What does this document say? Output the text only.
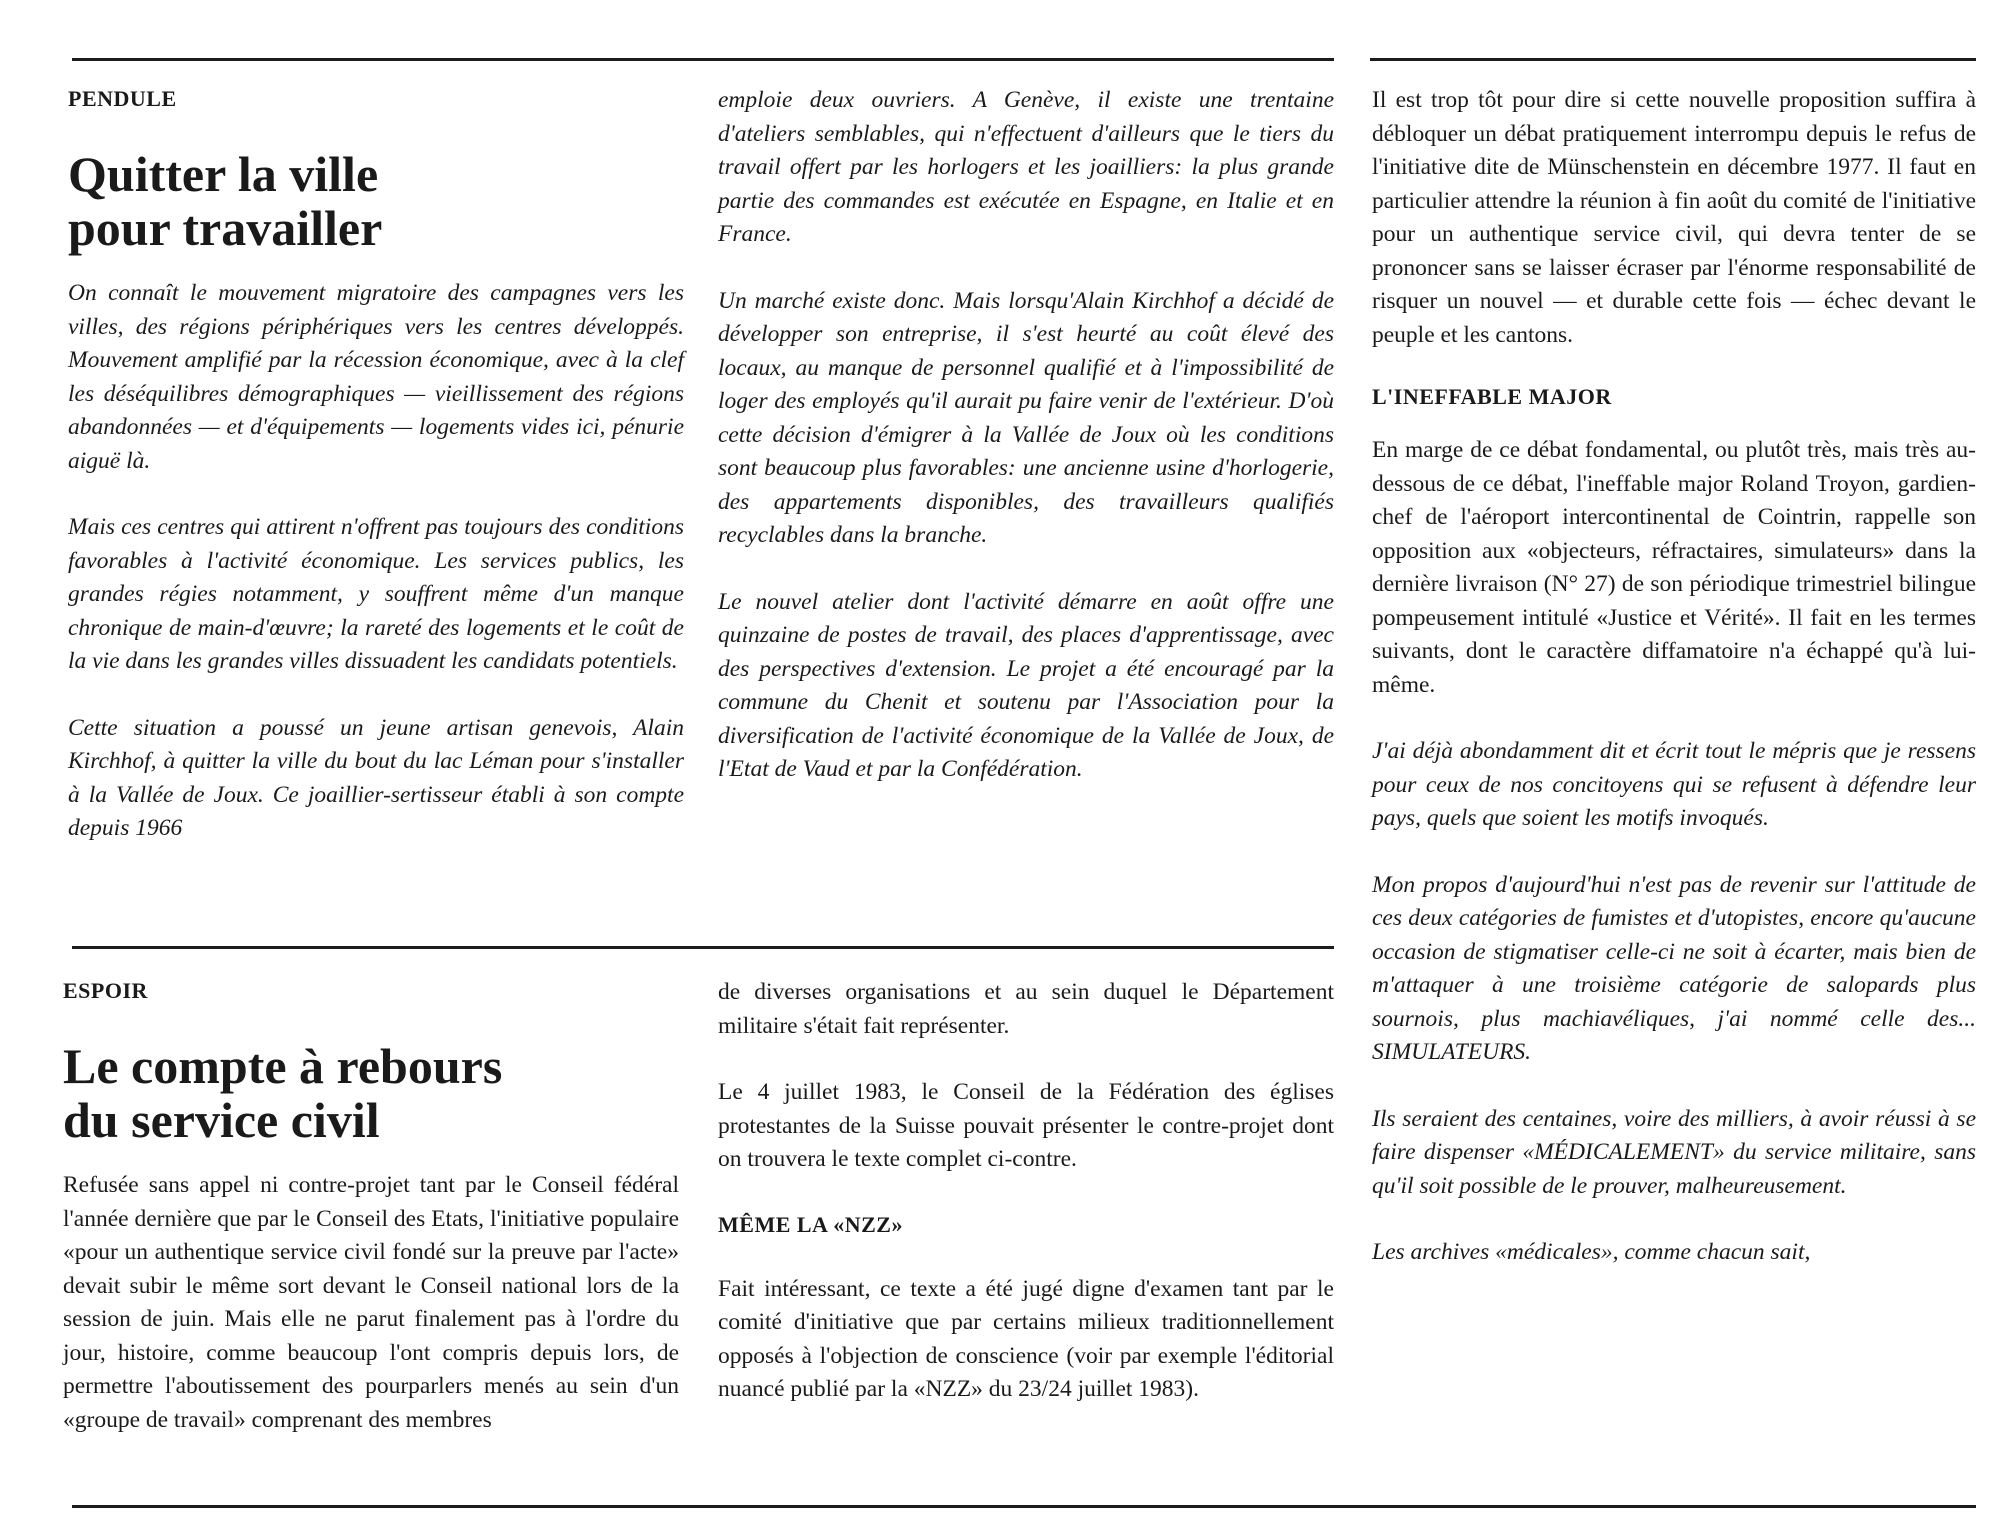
PENDULE

Quitter la ville
pour travailler

On connaît le mouvement migratoire des campagnes vers les villes, des régions périphériques vers les centres développés. Mouvement amplifié par la récession économique, avec à la clef les déséquilibres démographiques — vieillissement des régions abandonnées — et d'équipements — logements vides ici, pénurie aiguë là.

Mais ces centres qui attirent n'offrent pas toujours des conditions favorables à l'activité économique. Les services publics, les grandes régies notamment, y souffrent même d'un manque chronique de main-d'œuvre; la rareté des logements et le coût de la vie dans les grandes villes dissuadent les candidats potentiels.

Cette situation a poussé un jeune artisan genevois, Alain Kirchhof, à quitter la ville du bout du lac Léman pour s'installer à la Vallée de Joux. Ce joaillier-sertisseur établi à son compte depuis 1966

emploie deux ouvriers. A Genève, il existe une trentaine d'ateliers semblables, qui n'effectuent d'ailleurs que le tiers du travail offert par les horlogers et les joailliers: la plus grande partie des commandes est exécutée en Espagne, en Italie et en France.

Un marché existe donc. Mais lorsqu'Alain Kirchhof a décidé de développer son entreprise, il s'est heurté au coût élevé des locaux, au manque de personnel qualifié et à l'impossibilité de loger des employés qu'il aurait pu faire venir de l'extérieur. D'où cette décision d'émigrer à la Vallée de Joux où les conditions sont beaucoup plus favorables: une ancienne usine d'horlogerie, des appartements disponibles, des travailleurs qualifiés recyclables dans la branche.

Le nouvel atelier dont l'activité démarre en août offre une quinzaine de postes de travail, des places d'apprentissage, avec des perspectives d'extension. Le projet a été encouragé par la commune du Chenit et soutenu par l'Association pour la diversification de l'activité économique de la Vallée de Joux, de l'Etat de Vaud et par la Confédération.

ESPOIR

Le compte à rebours
du service civil

Refusée sans appel ni contre-projet tant par le Conseil fédéral l'année dernière que par le Conseil des Etats, l'initiative populaire «pour un authentique service civil fondé sur la preuve par l'acte» devait subir le même sort devant le Conseil national lors de la session de juin. Mais elle ne parut finalement pas à l'ordre du jour, histoire, comme beaucoup l'ont compris depuis lors, de permettre l'aboutissement des pourparlers menés au sein d'un «groupe de travail» comprenant des membres

de diverses organisations et au sein duquel le Département militaire s'était fait représenter.

Le 4 juillet 1983, le Conseil de la Fédération des églises protestantes de la Suisse pouvait présenter le contre-projet dont on trouvera le texte complet ci-contre.

MÊME LA «NZZ»

Fait intéressant, ce texte a été jugé digne d'examen tant par le comité d'initiative que par certains milieux traditionnellement opposés à l'objection de conscience (voir par exemple l'éditorial nuancé publié par la «NZZ» du 23/24 juillet 1983).

Il est trop tôt pour dire si cette nouvelle proposition suffira à débloquer un débat pratiquement interrompu depuis le refus de l'initiative dite de Münschenstein en décembre 1977. Il faut en particulier attendre la réunion à fin août du comité de l'initiative pour un authentique service civil, qui devra tenter de se prononcer sans se laisser écraser par l'énorme responsabilité de risquer un nouvel — et durable cette fois — échec devant le peuple et les cantons.

L'INEFFABLE MAJOR

En marge de ce débat fondamental, ou plutôt très, mais très au-dessous de ce débat, l'ineffable major Roland Troyon, gardien-chef de l'aéroport intercontinental de Cointrin, rappelle son opposition aux «objecteurs, réfractaires, simulateurs» dans la dernière livraison (N° 27) de son périodique trimestriel bilingue pompeusement intitulé «Justice et Vérité». Il fait en les termes suivants, dont le caractère diffamatoire n'a échappé qu'à lui-même.

J'ai déjà abondamment dit et écrit tout le mépris que je ressens pour ceux de nos concitoyens qui se refusent à défendre leur pays, quels que soient les motifs invoqués.

Mon propos d'aujourd'hui n'est pas de revenir sur l'attitude de ces deux catégories de fumistes et d'utopistes, encore qu'aucune occasion de stigmatiser celle-ci ne soit à écarter, mais bien de m'attaquer à une troisième catégorie de salopards plus sournois, plus machiavéliques, j'ai nommé celle des... SIMULATEURS.

Ils seraient des centaines, voire des milliers, à avoir réussi à se faire dispenser «MÉDICALEMENT» du service militaire, sans qu'il soit possible de le prouver, malheureusement.

Les archives «médicales», comme chacun sait,
